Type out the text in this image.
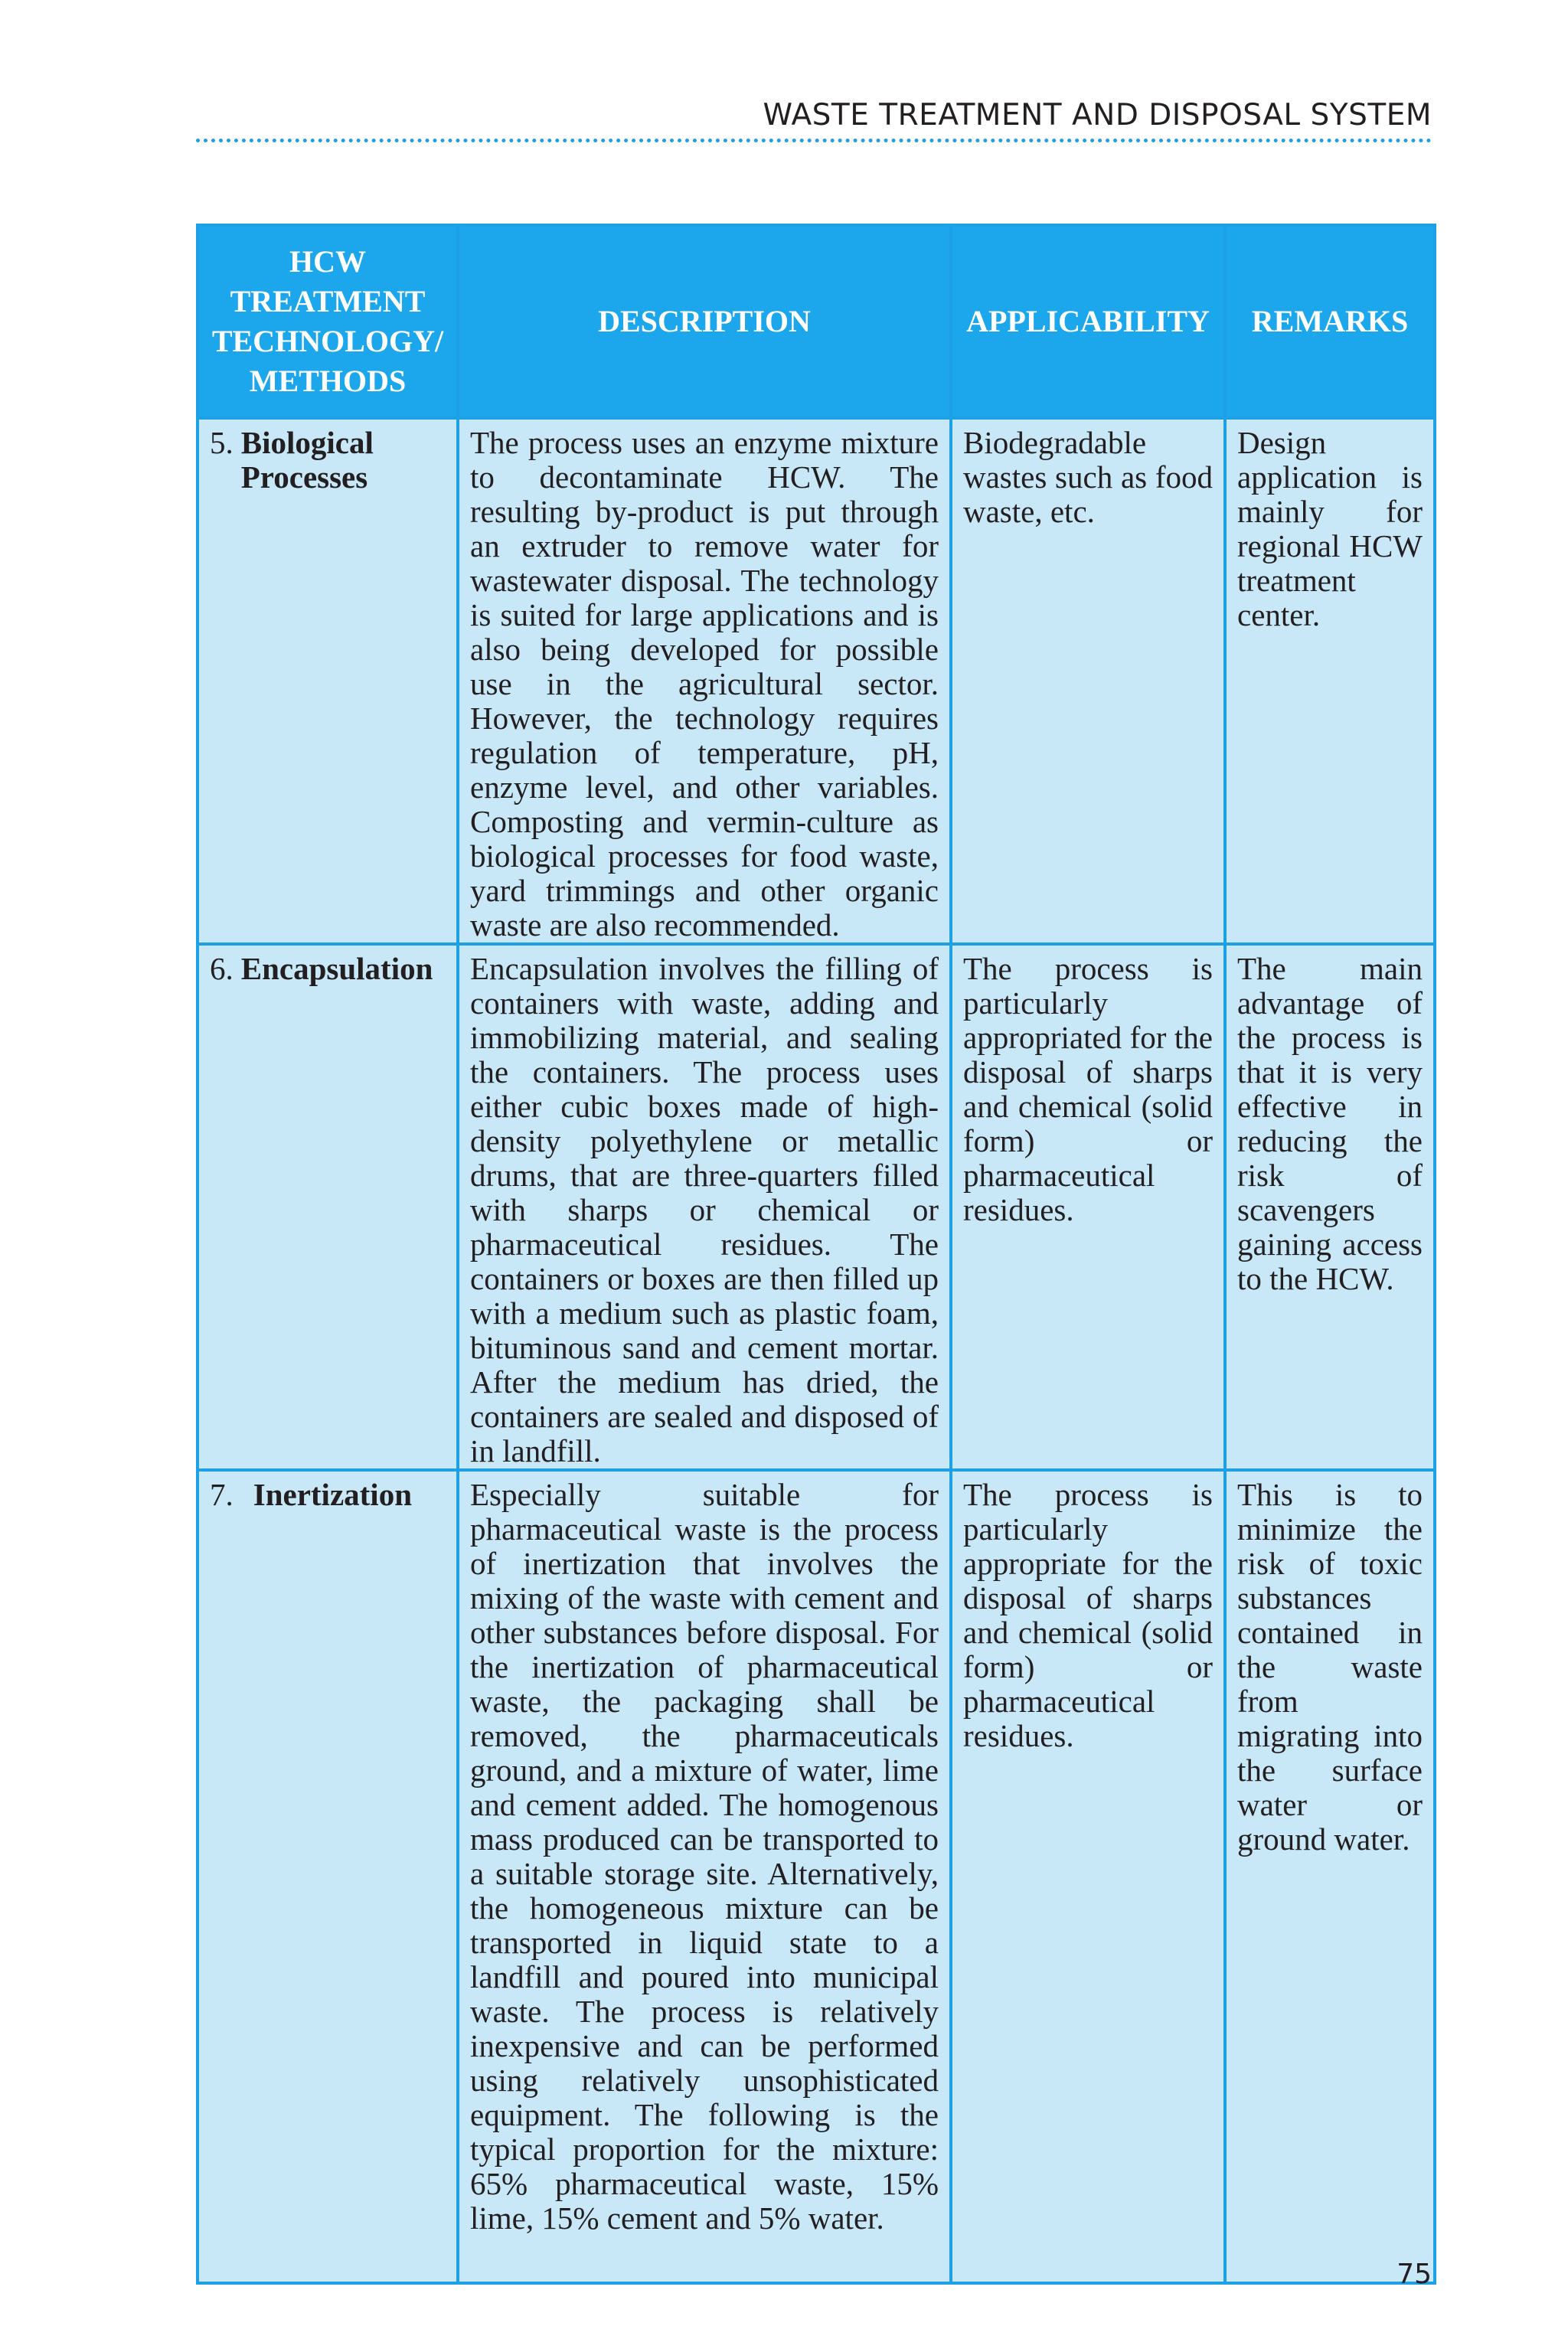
WASTE TREATMENT AND DISPOSAL SYSTEM
HCW TREATMENT TECHNOLOGY/ METHODS	DESCRIPTION	APPLICABILITY	REMARKS

5. Biological Processes	The process uses an enzyme mixture to decontaminate HCW. The resulting by-product is put through an extruder to remove water for wastewater disposal. The technology is suited for large applications and is also being developed for possible use in the agricultural sector. However, the technology requires regulation of temperature, pH, enzyme level, and other variables. Composting and vermin-culture as biological processes for food waste, yard trimmings and other organic waste are also recommended.	Biodegradable wastes such as food waste, etc.	Design application is mainly for regional HCW treatment center.

6. Encapsulation	Encapsulation involves the filling of containers with waste, adding and immobilizing material, and sealing the containers. The process uses either cubic boxes made of high-density polyethylene or metallic drums, that are three-quarters filled with sharps or chemical or pharmaceutical residues. The containers or boxes are then filled up with a medium such as plastic foam, bituminous sand and cement mortar. After the medium has dried, the containers are sealed and disposed of in landfill.	The process is particularly appropriated for the disposal of sharps and chemical (solid form) or pharmaceutical residues.	The main advantage of the process is that it is very effective in reducing the risk of scavengers gaining access to the HCW.

7. Inertization	Especially suitable for pharmaceutical waste is the process of inertization that involves the mixing of the waste with cement and other substances before disposal. For the inertization of pharmaceutical waste, the packaging shall be removed, the pharmaceuticals ground, and a mixture of water, lime and cement added. The homogenous mass produced can be transported to a suitable storage site. Alternatively, the homogeneous mixture can be transported in liquid state to a landfill and poured into municipal waste. The process is relatively inexpensive and can be performed using relatively unsophisticated equipment. The following is the typical proportion for the mixture: 65% pharmaceutical waste, 15% lime, 15% cement and 5% water.	The process is particularly appropriate for the disposal of sharps and chemical (solid form) or pharmaceutical residues.	This is to minimize the risk of toxic substances contained in the waste from migrating into the surface water or ground water.
75
